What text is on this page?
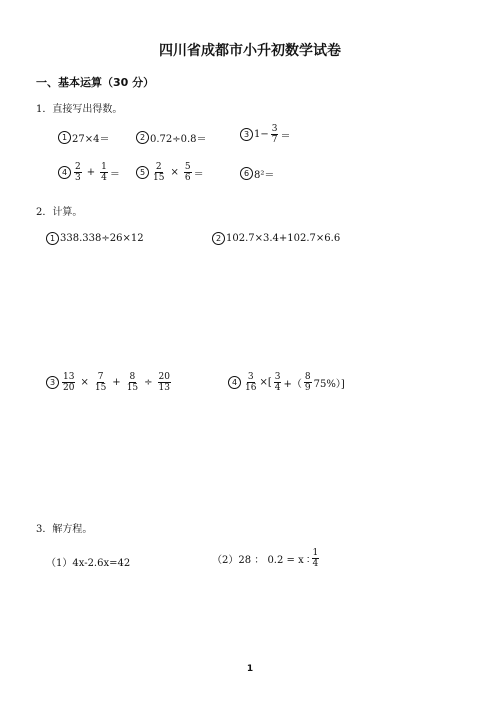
四川省成都市小升初数学试卷
一、基本运算（30 分）
1．直接写出得数。
1 27×4＝	2 0.72÷0.8＝	3 $1- \frac{3}{7}$ ＝
$4 \frac{2}{3} + \frac{1}{4}$ ＝	$5 \frac{2}{15} \times \frac{5}{6}$ ＝	6 8²＝
2．计算。
1 338.338÷26×12	2 102.7×3.4+102.7×6.6
$3 \frac{13}{20} \times \frac{7}{15} + \frac{8}{15} \div \frac{20}{13}$	$4 \frac{3}{16}$ ×[ $\frac{3}{4}$ +（ $\frac{8}{9} 75\%$）]
3．解方程。
（1）4x-2.6x=42	（2）28 ： 0.2 = x ∶ $\frac{1}{4}$
1
